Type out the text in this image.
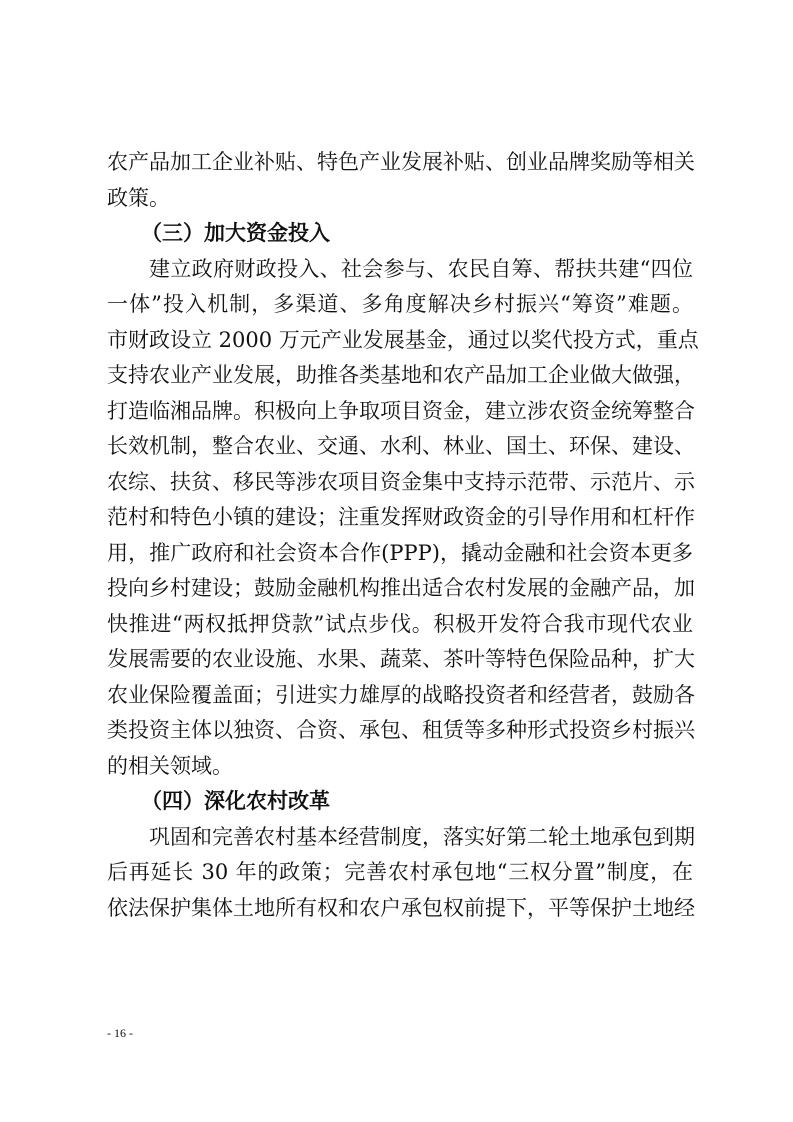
农产品加工企业补贴、特色产业发展补贴、创业品牌奖励等相关
政策。
（三）加大资金投入
建立政府财政投入、社会参与、农民自筹、帮扶共建“四位
一体”投入机制，多渠道、多角度解决乡村振兴“筹资”难题。
市财政设立 2000 万元产业发展基金，通过以奖代投方式，重点
支持农业产业发展，助推各类基地和农产品加工企业做大做强，
打造临湘品牌。积极向上争取项目资金，建立涉农资金统筹整合
长效机制，整合农业、交通、水利、林业、国土、环保、建设、
农综、扶贫、移民等涉农项目资金集中支持示范带、示范片、示
范村和特色小镇的建设；注重发挥财政资金的引导作用和杠杆作
用，推广政府和社会资本合作(PPP)，撬动金融和社会资本更多
投向乡村建设；鼓励金融机构推出适合农村发展的金融产品，加
快推进“两权抵押贷款”试点步伐。积极开发符合我市现代农业
发展需要的农业设施、水果、蔬菜、茶叶等特色保险品种，扩大
农业保险覆盖面；引进实力雄厚的战略投资者和经营者，鼓励各
类投资主体以独资、合资、承包、租赁等多种形式投资乡村振兴
的相关领域。
（四）深化农村改革
巩固和完善农村基本经营制度，落实好第二轮土地承包到期
后再延长 30 年的政策；完善农村承包地“三权分置”制度，在
依法保护集体土地所有权和农户承包权前提下，平等保护土地经
- 16 -
